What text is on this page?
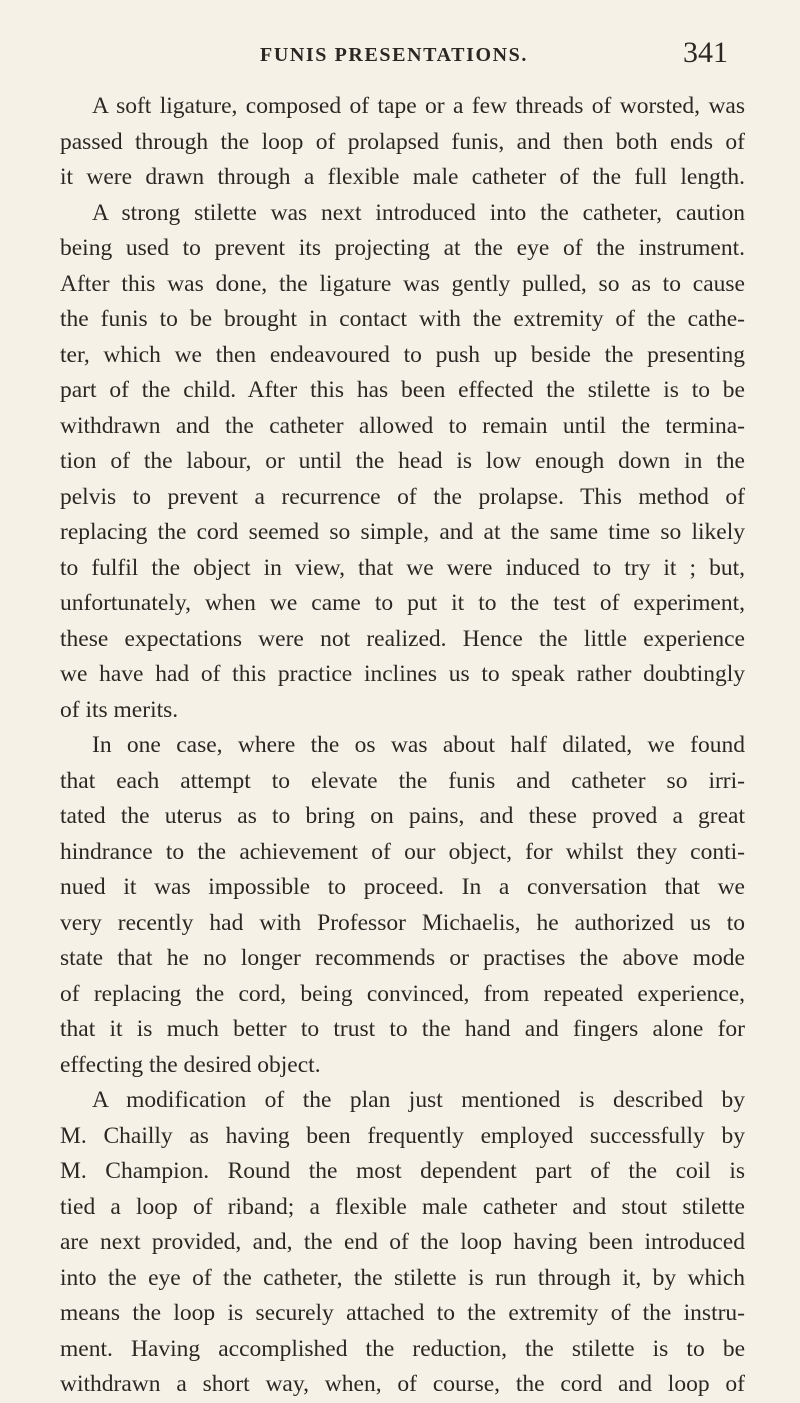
FUNIS PRESENTATIONS.	341
A soft ligature, composed of tape or a few threads of worsted, was
passed through the loop of prolapsed funis, and then both ends of
it were drawn through a flexible male catheter of the full length.
A strong stilette was next introduced into the catheter, caution
being used to prevent its projecting at the eye of the instrument.
After this was done, the ligature was gently pulled, so as to cause
the funis to be brought in contact with the extremity of the cathe-
ter, which we then endeavoured to push up beside the presenting
part of the child. After this has been effected the stilette is to be
withdrawn and the catheter allowed to remain until the termina-
tion of the labour, or until the head is low enough down in the
pelvis to prevent a recurrence of the prolapse. This method of
replacing the cord seemed so simple, and at the same time so likely
to fulfil the object in view, that we were induced to try it ; but,
unfortunately, when we came to put it to the test of experiment,
these expectations were not realized. Hence the little experience
we have had of this practice inclines us to speak rather doubtingly
of its merits.
In one case, where the os was about half dilated, we found
that each attempt to elevate the funis and catheter so irri-
tated the uterus as to bring on pains, and these proved a great
hindrance to the achievement of our object, for whilst they conti-
nued it was impossible to proceed. In a conversation that we
very recently had with Professor Michaelis, he authorized us to
state that he no longer recommends or practises the above mode
of replacing the cord, being convinced, from repeated experience,
that it is much better to trust to the hand and fingers alone for
effecting the desired object.
A modification of the plan just mentioned is described by
M. Chailly as having been frequently employed successfully by
M. Champion. Round the most dependent part of the coil is
tied a loop of riband; a flexible male catheter and stout stilette
are next provided, and, the end of the loop having been introduced
into the eye of the catheter, the stilette is run through it, by which
means the loop is securely attached to the extremity of the instru-
ment. Having accomplished the reduction, the stilette is to be
withdrawn a short way, when, of course, the cord and loop of
